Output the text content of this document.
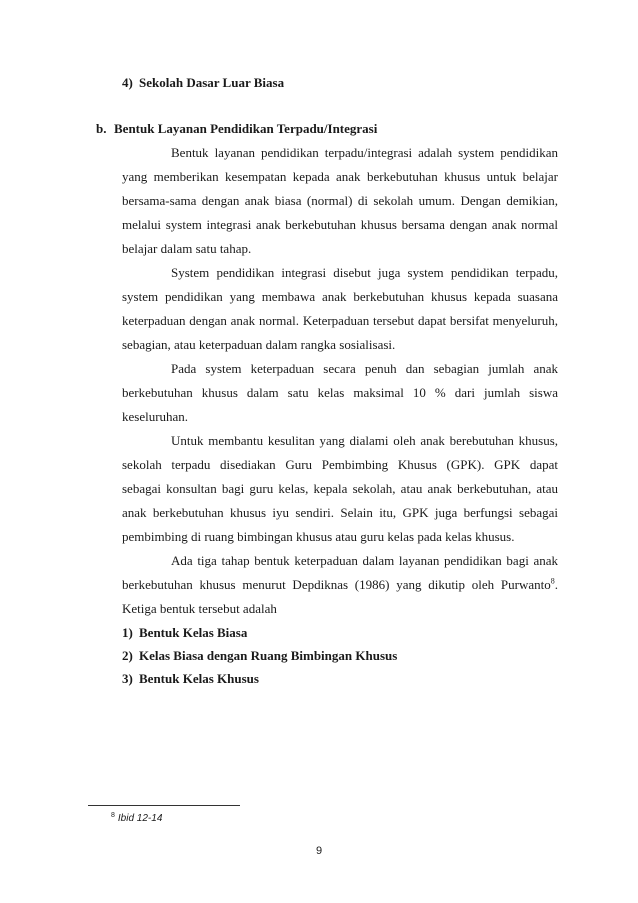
4) Sekolah Dasar Luar Biasa
b. Bentuk Layanan Pendidikan Terpadu/Integrasi
Bentuk layanan pendidikan terpadu/integrasi adalah system pendidikan
yang memberikan kesempatan kepada anak berkebutuhan khusus untuk belajar
bersama-sama dengan anak biasa (normal) di sekolah umum. Dengan demikian,
melalui system integrasi anak berkebutuhan khusus bersama dengan anak normal
belajar dalam satu tahap.
System pendidikan integrasi disebut juga system pendidikan terpadu,
system pendidikan yang membawa anak berkebutuhan khusus kepada suasana
keterpaduan dengan anak normal. Keterpaduan tersebut dapat bersifat menyeluruh,
sebagian, atau keterpaduan dalam rangka sosialisasi.
Pada system keterpaduan secara penuh dan sebagian jumlah anak
berkebutuhan khusus dalam satu kelas maksimal 10 % dari jumlah siswa
keseluruhan.
Untuk membantu kesulitan yang dialami oleh anak berebutuhan khusus,
sekolah terpadu disediakan Guru Pembimbing Khusus (GPK). GPK dapat
sebagai konsultan bagi guru kelas, kepala sekolah, atau anak berkebutuhan, atau
anak berkebutuhan khusus iyu sendiri. Selain itu, GPK juga berfungsi sebagai
pembimbing di ruang bimbingan khusus atau guru kelas pada kelas khusus.
Ada tiga tahap bentuk keterpaduan dalam layanan pendidikan bagi anak
berkebutuhan khusus menurut Depdiknas (1986) yang dikutip oleh Purwanto$^8$.
Ketiga bentuk tersebut adalah
1) Bentuk Kelas Biasa
2) Kelas Biasa dengan Ruang Bimbingan Khusus
3) Bentuk Kelas Khusus
$^8$ Ibid 12-14
9
